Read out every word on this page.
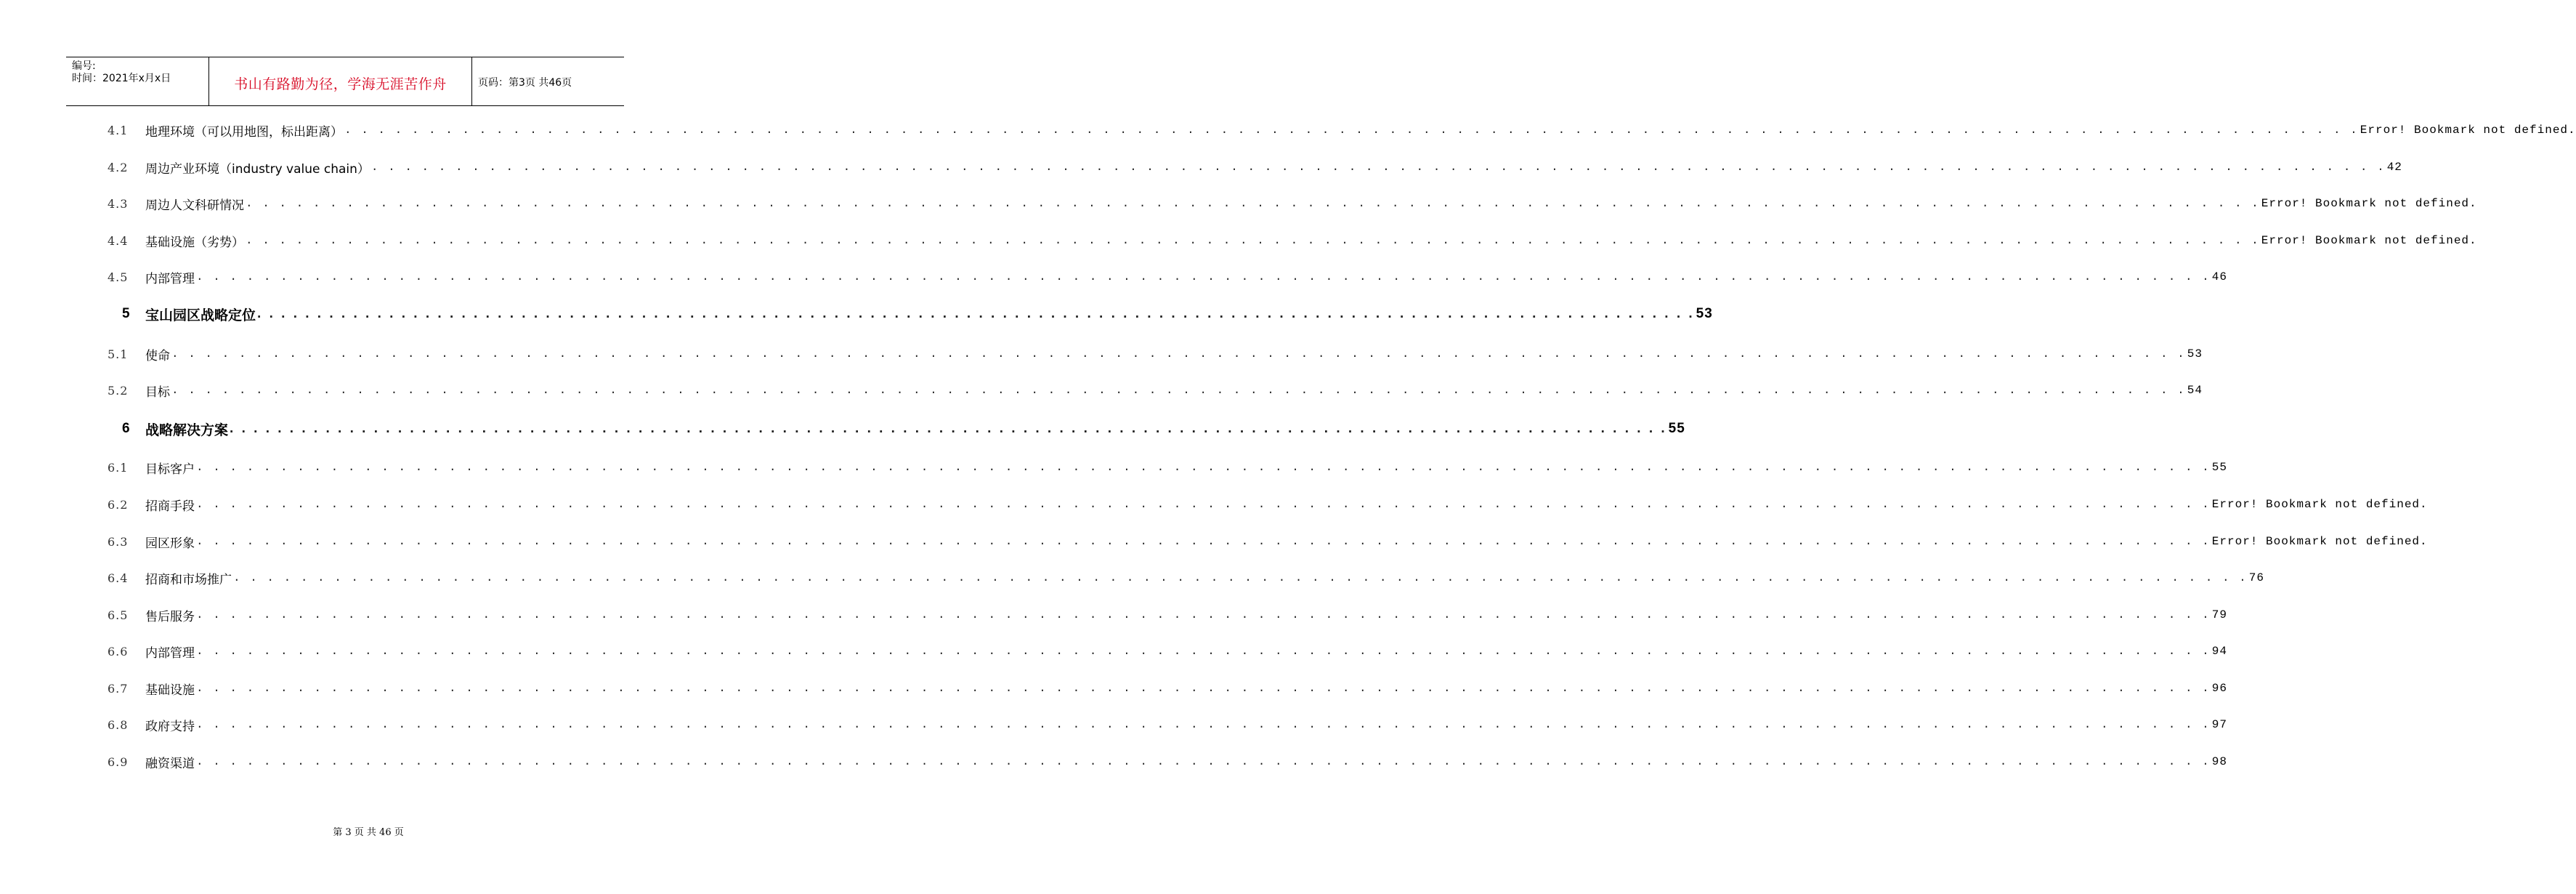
编号:
时间：2021年x月x日	书山有路勤为径，学海无涯苦作舟	页码：第3页 共46页
4.1	地理环境（可以用地图，标出距离） . . . . . . . . . . . . . . . . . . . . . . . . . . . . . . . . . . . . . . . . . . . . . . . . . . . . . . . . . . . . . . . . . . . . . . . . . . . . . . . . . . . . . . . . . . . . . . . . . . . . . . . . . . . . . . . . . . . . . . . . Error! Bookmark not defined.
4.2	周边产业环境（industry value chain） . . . . . . . . . . . . . . . . . . . . . . . . . . . . . . . . . . . . . . . . . . . . . . . . . . . . . . . . . . . . . . . . . . . . . . . . . . . . . . . . . . . . . . . . . . . . . . . . . . . . . . . . . . . . . . . . . . . . . . . . 42
4.3	周边人文科研情况 . . . . . . . . . . . . . . . . . . . . . . . . . . . . . . . . . . . . . . . . . . . . . . . . . . . . . . . . . . . . . . . . . . . . . . . . . . . . . . . . . . . . . . . . . . . . . . . . . . . . . . . . . . . . . . . . . . . . . . . . Error! Bookmark not defined.
4.4	基础设施（劣势） . . . . . . . . . . . . . . . . . . . . . . . . . . . . . . . . . . . . . . . . . . . . . . . . . . . . . . . . . . . . . . . . . . . . . . . . . . . . . . . . . . . . . . . . . . . . . . . . . . . . . . . . . . . . . . . . . . . . . . . . Error! Bookmark not defined.
4.5	内部管理 . . . . . . . . . . . . . . . . . . . . . . . . . . . . . . . . . . . . . . . . . . . . . . . . . . . . . . . . . . . . . . . . . . . . . . . . . . . . . . . . . . . . . . . . . . . . . . . . . . . . . . . . . . . . . . . . . . . . . . . . 46
5	宝山园区战略定位 . . . . . . . . . . . . . . . . . . . . . . . . . . . . . . . . . . . . . . . . . . . . . . . . . . . . . . . . . . . . . . . . . . . . . . . . . . . . . . . . . . . . . . . . . . . . . . . . . . . . . . . . . . . . . . . . . . . . . . . . 53
5.1	使命 . . . . . . . . . . . . . . . . . . . . . . . . . . . . . . . . . . . . . . . . . . . . . . . . . . . . . . . . . . . . . . . . . . . . . . . . . . . . . . . . . . . . . . . . . . . . . . . . . . . . . . . . . . . . . . . . . . . . . . . . 53
5.2	目标 . . . . . . . . . . . . . . . . . . . . . . . . . . . . . . . . . . . . . . . . . . . . . . . . . . . . . . . . . . . . . . . . . . . . . . . . . . . . . . . . . . . . . . . . . . . . . . . . . . . . . . . . . . . . . . . . . . . . . . . . 54
6	战略解决方案 . . . . . . . . . . . . . . . . . . . . . . . . . . . . . . . . . . . . . . . . . . . . . . . . . . . . . . . . . . . . . . . . . . . . . . . . . . . . . . . . . . . . . . . . . . . . . . . . . . . . . . . . . . . . . . . . . . . . . . . . 55
6.1	目标客户 . . . . . . . . . . . . . . . . . . . . . . . . . . . . . . . . . . . . . . . . . . . . . . . . . . . . . . . . . . . . . . . . . . . . . . . . . . . . . . . . . . . . . . . . . . . . . . . . . . . . . . . . . . . . . . . . . . . . . . . . 55
6.2	招商手段 . . . . . . . . . . . . . . . . . . . . . . . . . . . . . . . . . . . . . . . . . . . . . . . . . . . . . . . . . . . . . . . . . . . . . . . . . . . . . . . . . . . . . . . . . . . . . . . . . . . . . . . . . . . . . . . . . . . . . . . . Error! Bookmark not defined.
6.3	园区形象 . . . . . . . . . . . . . . . . . . . . . . . . . . . . . . . . . . . . . . . . . . . . . . . . . . . . . . . . . . . . . . . . . . . . . . . . . . . . . . . . . . . . . . . . . . . . . . . . . . . . . . . . . . . . . . . . . . . . . . . . Error! Bookmark not defined.
6.4	招商和市场推广 . . . . . . . . . . . . . . . . . . . . . . . . . . . . . . . . . . . . . . . . . . . . . . . . . . . . . . . . . . . . . . . . . . . . . . . . . . . . . . . . . . . . . . . . . . . . . . . . . . . . . . . . . . . . . . . . . . . . . . . . 76
6.5	售后服务 . . . . . . . . . . . . . . . . . . . . . . . . . . . . . . . . . . . . . . . . . . . . . . . . . . . . . . . . . . . . . . . . . . . . . . . . . . . . . . . . . . . . . . . . . . . . . . . . . . . . . . . . . . . . . . . . . . . . . . . . 79
6.6	内部管理 . . . . . . . . . . . . . . . . . . . . . . . . . . . . . . . . . . . . . . . . . . . . . . . . . . . . . . . . . . . . . . . . . . . . . . . . . . . . . . . . . . . . . . . . . . . . . . . . . . . . . . . . . . . . . . . . . . . . . . . . 94
6.7	基础设施 . . . . . . . . . . . . . . . . . . . . . . . . . . . . . . . . . . . . . . . . . . . . . . . . . . . . . . . . . . . . . . . . . . . . . . . . . . . . . . . . . . . . . . . . . . . . . . . . . . . . . . . . . . . . . . . . . . . . . . . . 96
6.8	政府支持 . . . . . . . . . . . . . . . . . . . . . . . . . . . . . . . . . . . . . . . . . . . . . . . . . . . . . . . . . . . . . . . . . . . . . . . . . . . . . . . . . . . . . . . . . . . . . . . . . . . . . . . . . . . . . . . . . . . . . . . . 97
6.9	融资渠道 . . . . . . . . . . . . . . . . . . . . . . . . . . . . . . . . . . . . . . . . . . . . . . . . . . . . . . . . . . . . . . . . . . . . . . . . . . . . . . . . . . . . . . . . . . . . . . . . . . . . . . . . . . . . . . . . . . . . . . . . 98
第 3 页 共 46 页
